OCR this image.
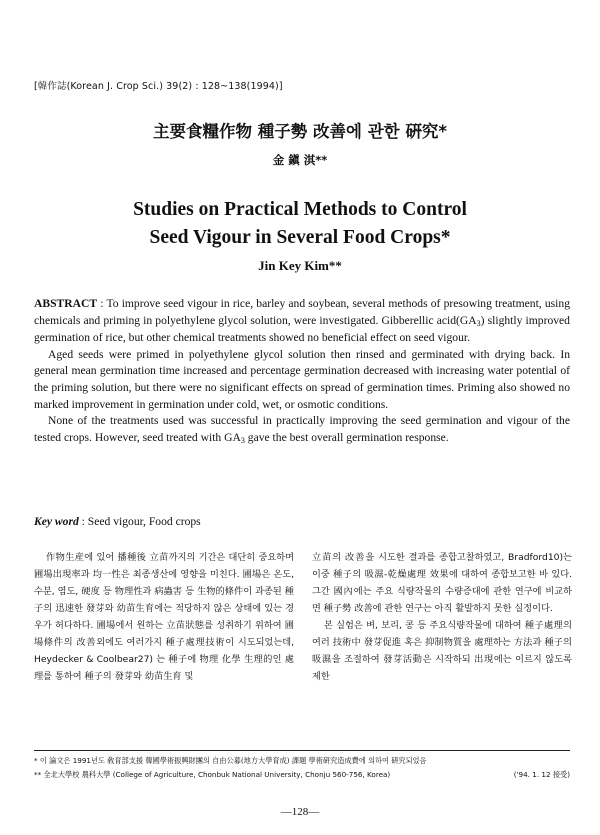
[韓作誌(Korean J. Crop Sci.) 39(2) : 128~138(1994)]
主要食糧作物 種子勢 改善에 관한 硏究*
金 鎭 淇**
Studies on Practical Methods to Control
Seed Vigour in Several Food Crops*
Jin Key Kim**

ABSTRACT : To improve seed vigour in rice, barley and soybean, several methods of presowing treatment, using chemicals and priming in polyethylene glycol solution, were investigated. Gibberellic acid(GA3) slightly improved germination of rice, but other chemical treatments showed no beneficial effect on seed vigour.

Aged seeds were primed in polyethylene glycol solution then rinsed and germinated with drying back. In general mean germination time increased and percentage germination decreased with increasing water potential of the priming solution, but there were no significant effects on spread of germination times. Priming also showed no marked improvement in germination under cold, wet, or osmotic conditions.

None of the treatments used was successful in practically improving the seed germination and vigour of the tested crops. However, seed treated with GA3 gave the best overall germination response.

Key word : Seed vigour, Food crops

作物生産에 있어 播種後 立苗까지의 기간은 대단히 중요하며 圃場出現率과 均一性은 최종생산에 영향을 미친다. 圃場은 온도, 수분, 염도, 硬度 등 物理性과 病蟲害 등 生物的條件이 과종된 種子의 迅速한 發芽와 幼苗生育에는 적당하지 않은 상태에 있는 경우가 허다하다. 圃場에서 원하는 立苗狀態를 성취하기 위하여 圃場條件의 改善외에도 여러가지 種子處理技術이 시도되었는데, Heydecker & Coolbear27) 는 種子에 物理 化學 生理的인 處理를 통하여 種子의 發芽와 幼苗生育 및

立苗의 改善을 시도한 결과를 종합고찰하였고, Bradford10)는 이중 種子의 吸濕-乾燥處理 效果에 대하여 종합보고한 바 있다. 그간 國內에는 주요 식량작물의 수량증대에 관한 연구에 비교하면 種子勢 改善에 관한 연구는 아직 활발하지 못한 실정이다.

본 실험은 벼, 보리, 콩 등 주요식량작물에 대하여 種子處理의 여러 技術中 發芽促進 혹은 抑制物質을 處理하는 方法과 種子의 吸濕을 조절하여 發芽活動은 시작하되 出現에는 이르지 않도록 제한

* 이 論文은 1991년도 敎育部支援 韓國學術振興財團의 自由公募(地方大學育成) 課題 學術硏究造成費에 의하여 硏究되었음
** 全北大學校 農科大學 (College of Agriculture, Chonbuk National University, Chonju 560-756, Korea)	('94. 1. 12 接受)
—128—
